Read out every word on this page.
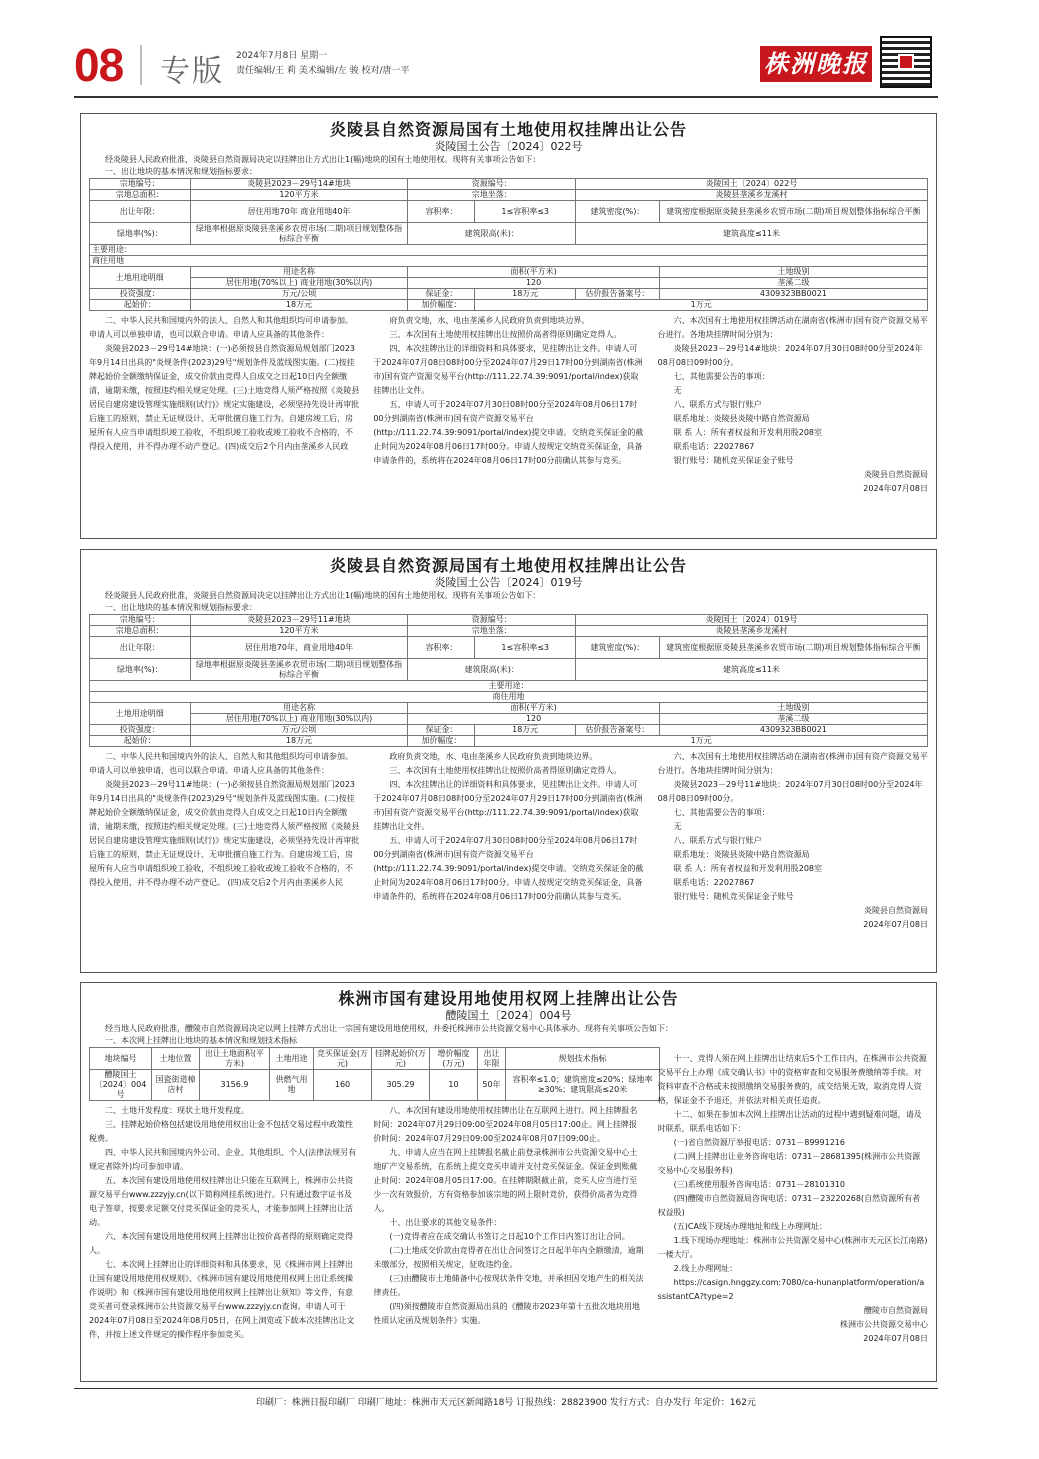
08 专版 2024年7月8日 星期一
责任编辑/王 莉 美术编辑/左 骏 校对/唐一平	株洲晚报
炎陵县自然资源局国有土地使用权挂牌出让公告
炎陵国土公告〔2024〕022号
经炎陵县人民政府批准，炎陵县自然资源局决定以挂牌出让方式出让1(幅)地块的国有土地使用权。现将有关事项公告如下：
一、出让地块的基本情况和规划指标要求：
宗地编号：	炎陵县2023－29号14#地块	资源编号：		炎陵国土〔2024〕022号	
宗地总面积：	120平方米	宗地坐落：		炎陵县垄溪乡龙溪村	
出让年限：	居住用地70年 商业用地40年	容积率：	1≤容积率≤3	建筑密度(%)：	建筑密度根据原炎陵县垄溪乡农贸市场(二期)项目规划整体指标综合平衡
绿地率(%)：	绿地率根据原炎陵县垄溪乡农贸市场(二期)项目规划整体指标综合平衡	建筑限高(米)：		建筑高度≤11米	
主要用途：					
商住用地					
土地用途明细	用途名称	面积(平方米)			土地级别
	居住用地(70%以上) 商业用地(30%以内)	120			垄溪二级
投资强度：	万元/公顷	保证金：	18万元	估价报告备案号：	4309323BB0021
起始价：	18万元	加价幅度：	1万元		

二、中华人民共和国境内外的法人、自然人和其他组织均可申请参加。申请人可以单独申请，也可以联合申请。申请人应具备的其他条件：

炎陵县2023－29号14#地块：(一)必须按县自然资源局规划部门2023年9月14日出具的"炎规条件(2023)29号"规划条件及蓝线图实施。(二)按挂牌起始价全额缴纳保证金，成交价款由竞得人自成交之日起10日内全额缴清，逾期未缴，按照违约相关规定处理。(三)土地竞得人须严格按照《炎陵县居民自建房建设管理实施细则(试行)》规定实施建设，必须坚持先设计再审批后施工的原则，禁止无证规设计、无审批擅自施工行为。自建房竣工后，房屋所有人应当申请组织竣工验收，不组织竣工验收或竣工验收不合格的，不得投入使用，并不得办理不动产登记。(四)成交后2个月内由垄溪乡人民政

府负责交地，水、电由垄溪乡人民政府负责到地块边界。

三、本次国有土地使用权挂牌出让按照价高者得原则确定竞得人。

四、本次挂牌出让的详细资料和具体要求，见挂牌出让文件。申请人可于2024年07月08日08时00分至2024年07月29日17时00分到湖南省(株洲市)国有资产资源交易平台(http://111.22.74.39:9091/portal/index)获取挂牌出让文件。

五、申请人可于2024年07月30日08时00分至2024年08月06日17时00分到湖南省(株洲市)国有资产资源交易平台(http://111.22.74.39:9091/portal/index)提交申请。交纳竞买保证金的截止时间为2024年08月06日17时00分。申请人按规定交纳竞买保证金，具备申请条件的，系统将在2024年08月06日17时00分前确认其参与竞买。

六、本次国有土地使用权挂牌活动在湖南省(株洲市)国有资产资源交易平台进行。各地块挂牌时间分别为：

炎陵县2023－29号14#地块：2024年07月30日08时00分至2024年08月08日09时00分。

七、其他需要公告的事项：

无

八、联系方式与银行账户

联系地址：炎陵县炎陵中路自然资源局

联 系 人：所有者权益和开发利用股208室

联系电话：22027867

银行账号：随机竞买保证金子账号

炎陵县自然资源局

2024年07月08日

炎陵县自然资源局国有土地使用权挂牌出让公告
炎陵国土公告〔2024〕019号
经炎陵县人民政府批准，炎陵县自然资源局决定以挂牌出让方式出让1(幅)地块的国有土地使用权。现将有关事项公告如下：
一、出让地块的基本情况和规划指标要求：
宗地编号：	炎陵县2023－29号11#地块	资源编号：		炎陵国土〔2024〕019号	
宗地总面积：	120平方米	宗地坐落：		炎陵县垄溪乡龙溪村	
出让年限：	居住用地70年，商业用地40年	容积率：	1≤容积率≤3	建筑密度(%)：	建筑密度根据原炎陵县垄溪乡农贸市场(二期)项目规划整体指标综合平衡
绿地率(%)：	绿地率根据原炎陵县垄溪乡农贸市场(二期)项目规划整体指标综合平衡	建筑限高(米)：		建筑高度≤11米	
主要用途：					
商住用地					
土地用途明细	用途名称	面积(平方米)			土地级别
	居住用地(70%以上) 商业用地(30%以内)	120			垄溪二级
投资强度：	万元/公顷	保证金：	18万元	估价报告备案号：	4309323BB0021
起始价：	18万元	加价幅度：	1万元		

二、中华人民共和国境内外的法人、自然人和其他组织均可申请参加。申请人可以单独申请，也可以联合申请。申请人应具备的其他条件：

炎陵县2023－29号11#地块：(一)必须按县自然资源局规划部门2023年9月14日出具的"炎规条件(2023)29号"规划条件及蓝线图实施。(二)按挂牌起始价全额缴纳保证金，成交价款由竞得人自成交之日起10日内全额缴清，逾期未缴，按照违约相关规定处理。(三)土地竞得人须严格按照《炎陵县居民自建房建设管理实施细则(试行)》规定实施建设，必须坚持先设计再审批后施工的原则，禁止无证规设计、无审批擅自施工行为。自建房竣工后，房屋所有人应当申请组织竣工验收，不组织竣工验收或竣工验收不合格的，不得投入使用，并不得办理不动产登记。 (四)成交后2个月内由垄溪乡人民

政府负责交地，水、电由垄溪乡人民政府负责到地块边界。

三、本次国有土地使用权挂牌出让按照价高者得原则确定竞得人。

四、本次挂牌出让的详细资料和具体要求，见挂牌出让文件。申请人可于2024年07月08日08时00分至2024年07月29日17时00分到湖南省(株洲市)国有资产资源交易平台(http://111.22.74.39:9091/portal/index)获取挂牌出让文件。

五、申请人可于2024年07月30日08时00分至2024年08月06日17时00分到湖南省(株洲市)国有资产资源交易平台(http://111.22.74.39:9091/portal/index)提交申请。交纳竞买保证金的截止时间为2024年08月06日17时00分。申请人按规定交纳竞买保证金，具备申请条件的，系统将在2024年08月06日17时00分前确认其参与竞买。

六、本次国有土地使用权挂牌活动在湖南省(株洲市)国有资产资源交易平台进行。各地块挂牌时间分别为：

炎陵县2023－29号11#地块：2024年07月30日08时00分至2024年08月08日09时00分。

七、其他需要公告的事项：

无

八、联系方式与银行账户

联系地址：炎陵县炎陵中路自然资源局

联 系 人：所有者权益和开发利用股208室

联系电话：22027867

银行账号：随机竞买保证金子账号

炎陵县自然资源局

2024年07月08日

株洲市国有建设用地使用权网上挂牌出让公告
醴陵国土〔2024〕004号
经当地人民政府批准，醴陵市自然资源局决定以网上挂牌方式出让一宗国有建设用地使用权，并委托株洲市公共资源交易中心具体承办。现将有关事项公告如下：
一、本次网上挂牌出让地块的基本情况和规划技术指标
地块编号	土地位置	出让土地面积(平方米)	土地用途	竞买保证金(万元)	挂牌起始价(万元)	增价幅度(万元)	出让年限	规划技术指标
醴陵国土〔2024〕004号	国瓷街道樟店村	3156.9	供燃气用地	160	305.29	10	50年	容积率≤1.0；建筑密度≤20%；绿地率≥30%；建筑限高≤20米

二、土地开发程度：现状土地开发程度。

三、挂牌起始价格包括建设用地使用权出让金不包括交易过程中政策性税费。

四、中华人民共和国境内外公司、企业、其他组织、个人(法律法规另有规定者除外)均可参加申请。

五、本次国有建设用地使用权挂牌出让只能在互联网上，株洲市公共资源交易平台www.zzzyjy.cn(以下简称网挂系统)进行。只有通过数字证书及电子签章，按要求足额交付竞买保证金的竞买人，才能参加网上挂牌出让活动。

六、本次国有建设用地使用权网上挂牌出让按价高者得的原则确定竞得人。

七、本次网上挂牌出让的详细资料和具体要求，见《株洲市网上挂牌出让国有建设用地使用权规则》、《株洲市国有建设用地使用权网上出让系统操作说明》和《株洲市国有建设用地使用权网上挂牌出让须知》等文件，有意竞买者可登录株洲市公共资源交易平台www.zzzyjy.cn查询。申请人可于2024年07月08日至2024年08月05日，在网上浏览或下载本次挂牌出让文件，并按上述文件规定的操作程序参加竞买。

八、本次国有建设用地使用权挂牌出让在互联网上进行。网上挂牌报名时间：2024年07月29日09:00至2024年08月05日17:00止。网上挂牌报价时间：2024年07月29日09:00至2024年08月07日09:00止。

九、申请人应当在网上挂牌报名截止前登录株洲市公共资源交易中心土地矿产交易系统，在系统上提交竞买申请并支付竞买保证金。保证金到账截止时间：2024年08月05日17:00。在挂牌期限截止前，竞买人应当进行至少一次有效报价，方有资格参加该宗地的网上限时竞价，获得价高者为竞得人。

十、出让要求的其他交易条件：

(一)竞得者应在成交确认书签订之日起10个工作日内签订出让合同。

(二)土地成交价款由竞得者在出让合同签订之日起半年内全额缴清，逾期未缴部分，按照相关规定，征收违约金。

(三)由醴陵市土地储备中心按现状条件交地，并承担因交地产生的相关法律责任。

(四)须按醴陵市自然资源局出具的《醴陵市2023年第十五批次地块用地性质认定函及规划条件》实施。

十一、竞得人须在网上挂牌出让结束后5个工作日内，在株洲市公共资源交易平台上办理《成交确认书》中的资格审查和交易服务费缴纳等手续。对资料审查不合格或未按照缴纳交易服务费的，成交结果无效，取消竞得人资格，保证金不予退还，并依法对相关责任追责。

十二、如果在参加本次网上挂牌出让活动的过程中遇到疑难问题，请及时联系，联系电话如下：

(一)省自然资源厅举报电话：0731－89991216

(二)网上挂牌出让业务咨询电话：0731－28681395(株洲市公共资源交易中心交易服务科)

(三)系统使用服务咨询电话：0731－28101310

(四)醴陵市自然资源局咨询电话：0731－23220268(自然资源所有者权益股)

(五)CA线下现场办理地址和线上办理网址：

1.线下现场办理地址：株洲市公共资源交易中心(株洲市天元区长江南路)一楼大厅。

2.线上办理网址：

https://casign.hnggzy.com:7080/ca-hunanplatform/operation/assistantCA?type=2

醴陵市自然资源局

株洲市公共资源交易中心

2024年07月08日

印刷厂：株洲日报印刷厂 印刷厂地址：株洲市天元区新闻路18号 订报热线：28823900 发行方式：自办发行 年定价：162元
